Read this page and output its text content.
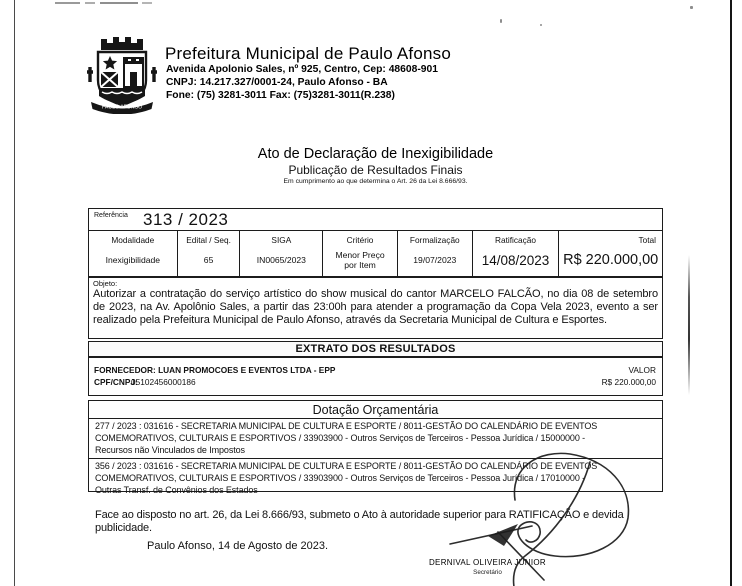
PAULO AFONSO
Prefeitura Municipal de Paulo Afonso
Avenida Apolonio Sales, nº 925, Centro, Cep: 48608-901
CNPJ: 14.217.327/0001-24, Paulo Afonso - BA
Fone: (75) 3281-3011 Fax: (75)3281-3011(R.238)
Ato de Declaração de Inexigibilidade
Publicação de Resultados Finais
Em cumprimento ao que determina o Art. 26 da Lei 8.666/93.
Referência 313 / 2023
Modalidade
Inexigibilidade
Edital / Seq.
65
SIGA
IN0065/2023
Critério
Menor Preço por Item
Formalização
19/07/2023
Ratificação
14/08/2023
Total
R$ 220.000,00
Objeto:
Autorizar a contratação do serviço artístico do show musical do cantor MARCELO FALCÃO, no dia 08 de setembro de 2023, na Av. Apolônio Sales, a partir das 23:00h para atender a programação da Copa Vela 2023, evento a ser realizado pela Prefeitura Municipal de Paulo Afonso, através da Secretaria Municipal de Cultura e Esportes.
EXTRATO DOS RESULTADOS
FORNECEDOR: LUAN PROMOCOES E EVENTOS LTDA - EPP
CPF/CNPJ:05102456000186
VALOR
R$ 220.000,00
Dotação Orçamentária
277 / 2023 : 031616 - SECRETARIA MUNICIPAL DE CULTURA E ESPORTE / 8011-GESTÃO DO CALENDÁRIO DE EVENTOS
COMEMORATIVOS, CULTURAIS E ESPORTIVOS / 33903900 - Outros Serviços de Terceiros - Pessoa Jurídica / 15000000 -
Recursos não Vinculados de Impostos
356 / 2023 : 031616 - SECRETARIA MUNICIPAL DE CULTURA E ESPORTE / 8011-GESTÃO DO CALENDÁRIO DE EVENTOS
COMEMORATIVOS, CULTURAIS E ESPORTIVOS / 33903900 - Outros Serviços de Terceiros - Pessoa Jurídica / 17010000 -
Outras Transf. de Convênios dos Estados
Face ao disposto no art. 26, da Lei 8.666/93, submeto o Ato à autoridade superior para RATIFICAÇÃO e devida
publicidade.
Paulo Afonso, 14 de Agosto de 2023.
DERNIVAL OLIVEIRA JUNIOR
Secretário
